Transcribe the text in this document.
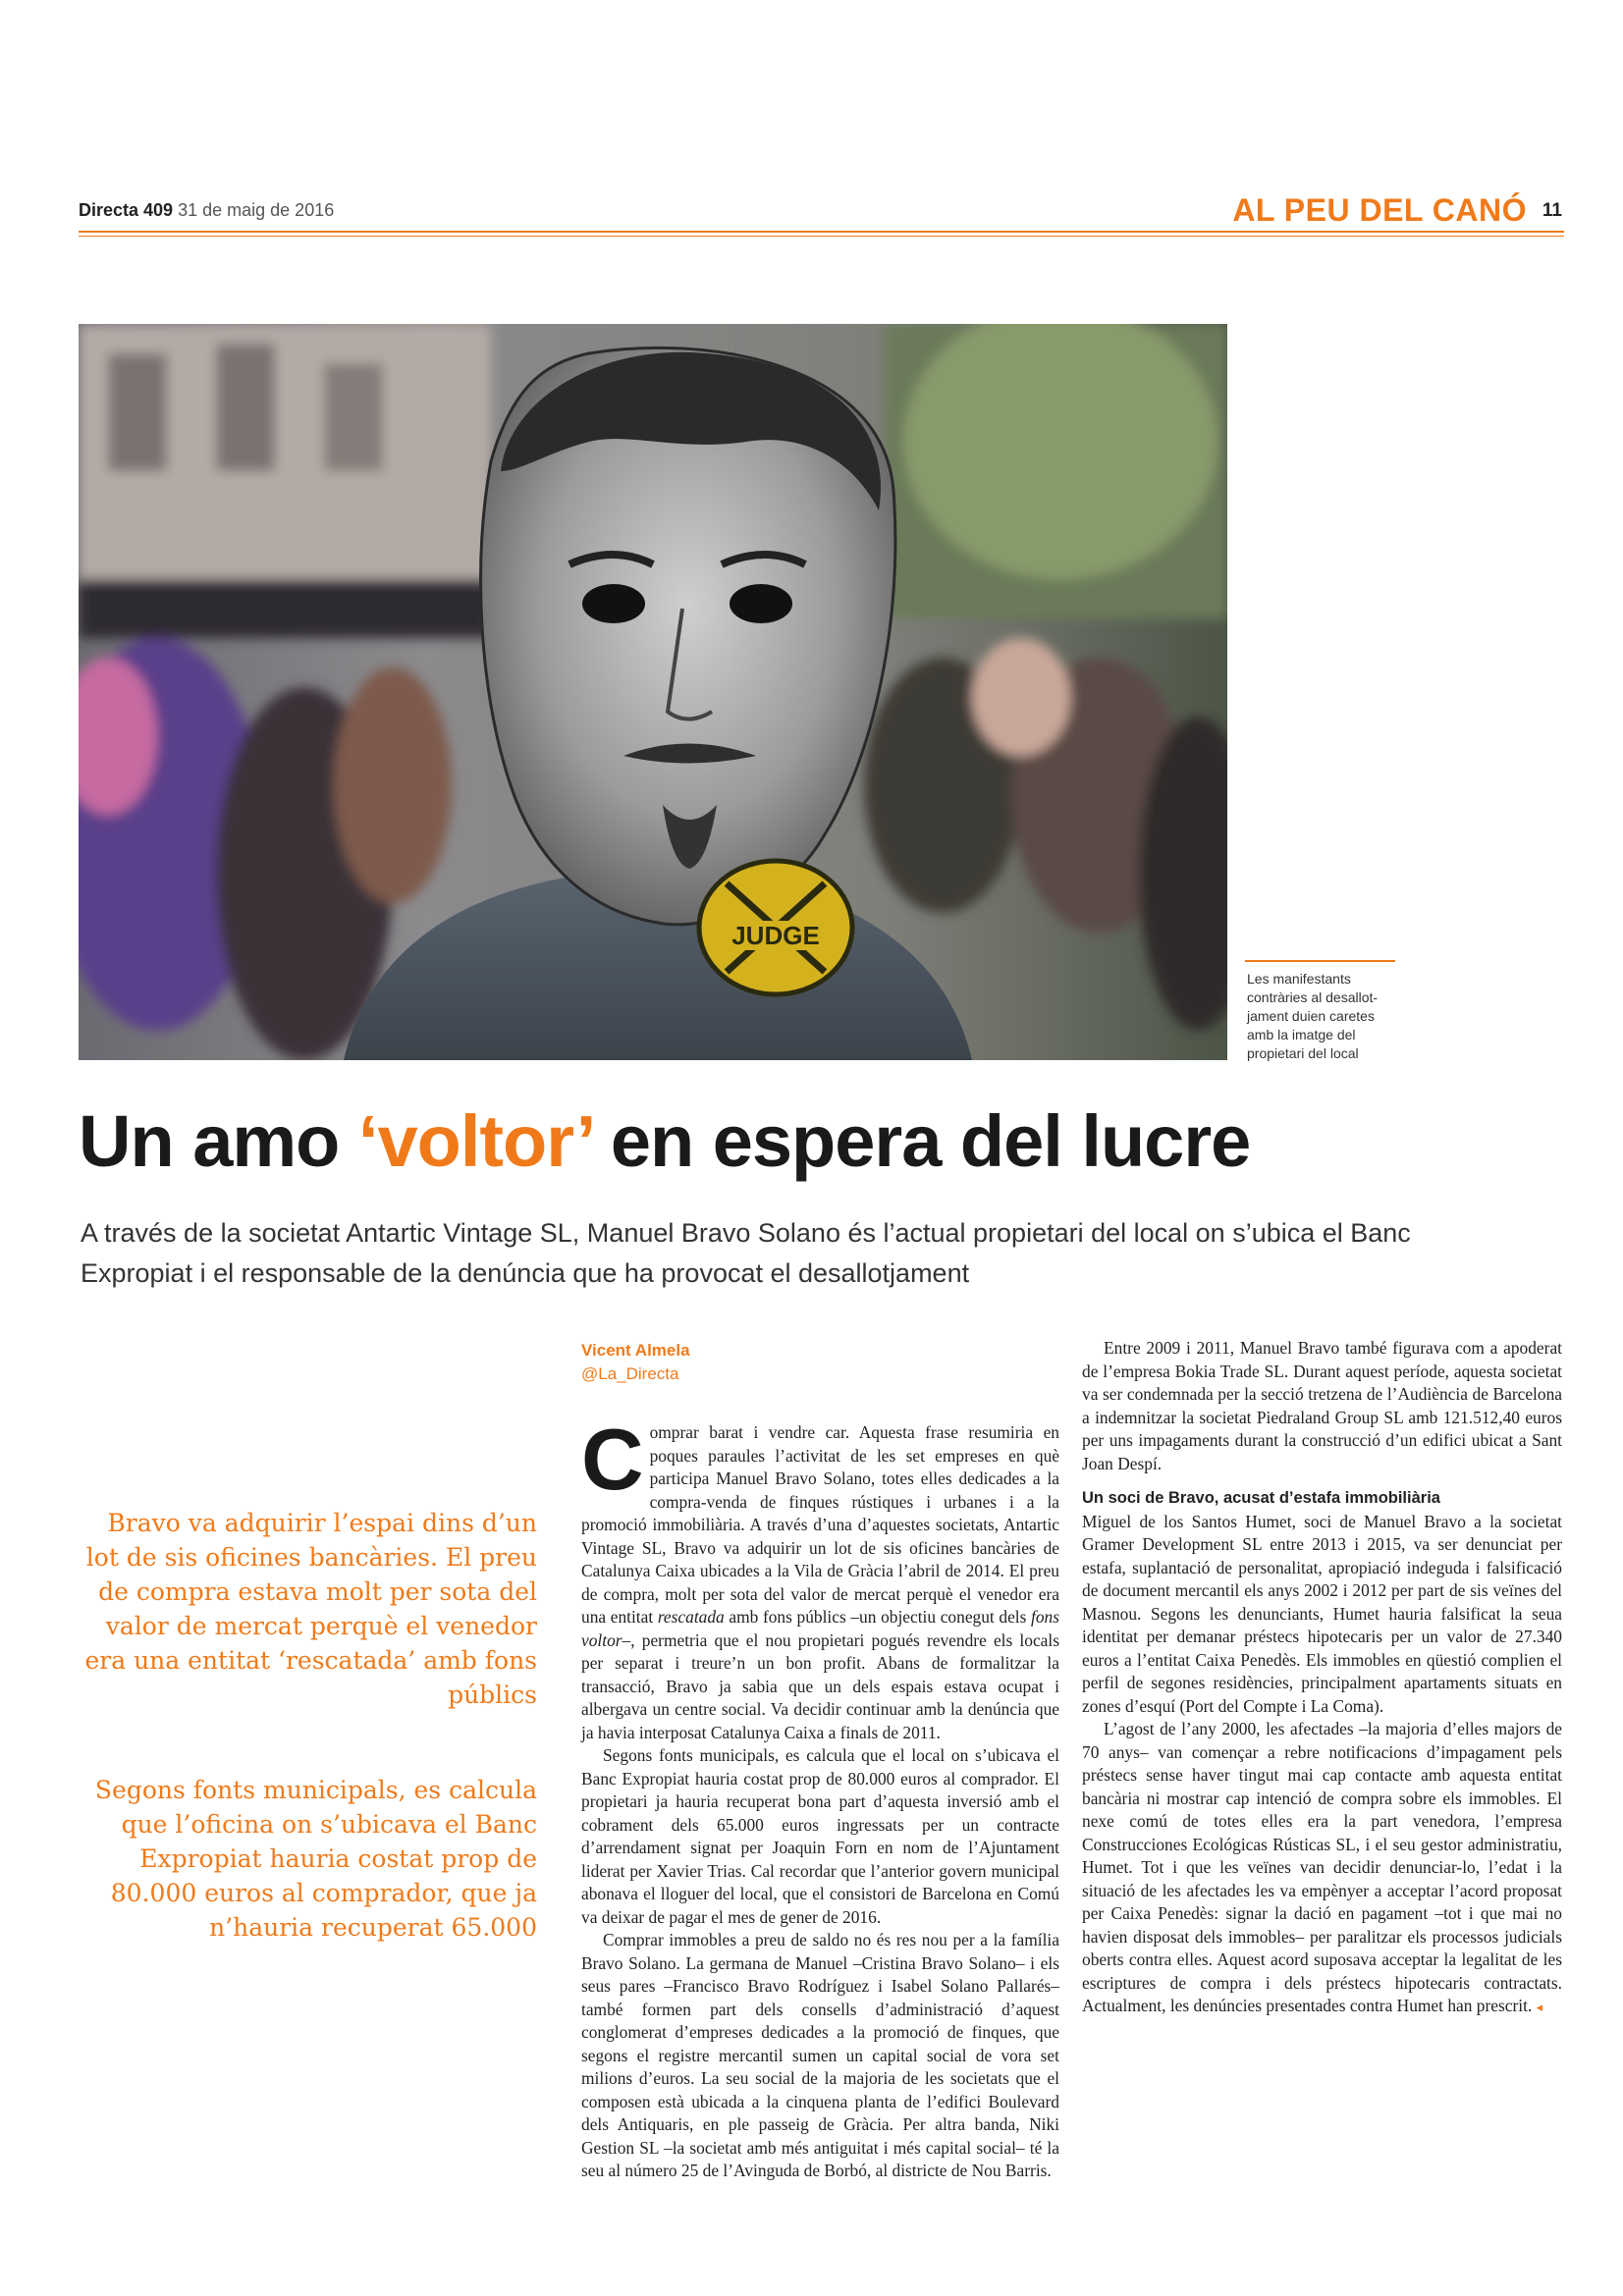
Directa 409 31 de maig de 2016	AL PEU DEL CANÓ 11
JUDGE
Les manifestants
contràries al desallot-
jament duien caretes
amb la imatge del
propietari del local
Un amo ‘voltor’ en espera del lucre
A través de la societat Antartic Vintage SL, Manuel Bravo Solano és l’actual propietari del local on s’ubica el Banc Expropiat i el responsable de la denúncia que ha provocat el desallotjament
Bravo va adquirir l’espai dins d’un lot de sis oficines bancàries. El preu de compra estava molt per sota del valor de mercat perquè el venedor era una entitat ‘rescatada’ amb fons públics
Segons fonts municipals, es calcula que l’oficina on s’ubicava el Banc Expropiat hauria costat prop de 80.000 euros al comprador, que ja n’hauria recuperat 65.000
Vicent Almela
@La_Directa

Comprar barat i vendre car. Aquesta frase resumiria en poques paraules l’activitat de les set empreses en què participa Manuel Bravo Solano, totes elles dedicades a la compra-venda de finques rústiques i urbanes i a la promoció immobiliària. A través d’una d’aquestes societats, Antartic Vintage SL, Bravo va adquirir un lot de sis oficines bancàries de Catalunya Caixa ubicades a la Vila de Gràcia l’abril de 2014. El preu de compra, molt per sota del valor de mercat perquè el venedor era una entitat rescatada amb fons públics –un objectiu conegut dels fons voltor–, permetria que el nou propietari pogués revendre els locals per separat i treure’n un bon profit. Abans de formalitzar la transacció, Bravo ja sabia que un dels espais estava ocupat i albergava un centre social. Va decidir continuar amb la denúncia que ja havia interposat Catalunya Caixa a finals de 2011.

Segons fonts municipals, es calcula que el local on s’ubicava el Banc Expropiat hauria costat prop de 80.000 euros al comprador. El propietari ja hauria recuperat bona part d’aquesta inversió amb el cobrament dels 65.000 euros ingressats per un contracte d’arrendament signat per Joaquin Forn en nom de l’Ajuntament liderat per Xavier Trias. Cal recordar que l’anterior govern municipal abonava el lloguer del local, que el consistori de Barcelona en Comú va deixar de pagar el mes de gener de 2016.

Comprar immobles a preu de saldo no és res nou per a la família Bravo Solano. La germana de Manuel –Cristina Bravo Solano– i els seus pares –Francisco Bravo Rodríguez i Isabel Solano Pallarés– també formen part dels consells d’administració d’aquest conglomerat d’empreses dedicades a la promoció de finques, que segons el registre mercantil sumen un capital social de vora set milions d’euros. La seu social de la majoria de les societats que el composen està ubicada a la cinquena planta de l’edifici Boulevard dels Antiquaris, en ple passeig de Gràcia. Per altra banda, Niki Gestion SL –la societat amb més antiguitat i més capital social– té la seu al número 25 de l’Avinguda de Borbó, al districte de Nou Barris.

Entre 2009 i 2011, Manuel Bravo també figurava com a apoderat de l’empresa Bokia Trade SL. Durant aquest període, aquesta societat va ser condemnada per la secció tretzena de l’Audiència de Barcelona a indemnitzar la societat Piedraland Group SL amb 121.512,40 euros per uns impagaments durant la construcció d’un edifici ubicat a Sant Joan Despí.

Un soci de Bravo, acusat d’estafa immobiliària

Miguel de los Santos Humet, soci de Manuel Bravo a la societat Gramer Development SL entre 2013 i 2015, va ser denunciat per estafa, suplantació de personalitat, apropiació indeguda i falsificació de document mercantil els anys 2002 i 2012 per part de sis veïnes del Masnou. Segons les denunciants, Humet hauria falsificat la seua identitat per demanar préstecs hipotecaris per un valor de 27.340 euros a l’entitat Caixa Penedès. Els immobles en qüestió complien el perfil de segones residències, principalment apartaments situats en zones d’esquí (Port del Compte i La Coma).

L’agost de l’any 2000, les afectades –la majoria d’elles majors de 70 anys– van començar a rebre notificacions d’impagament pels préstecs sense haver tingut mai cap contacte amb aquesta entitat bancària ni mostrar cap intenció de compra sobre els immobles. El nexe comú de totes elles era la part venedora, l’empresa Construcciones Ecológicas Rústicas SL, i el seu gestor administratiu, Humet. Tot i que les veïnes van decidir denunciar-lo, l’edat i la situació de les afectades les va empènyer a acceptar l’acord proposat per Caixa Penedès: signar la dació en pagament –tot i que mai no havien disposat dels immobles– per paralitzar els processos judicials oberts contra elles. Aquest acord suposava acceptar la legalitat de les escriptures de compra i dels préstecs hipotecaris contractats. Actualment, les denúncies presentades contra Humet han prescrit. ◂
